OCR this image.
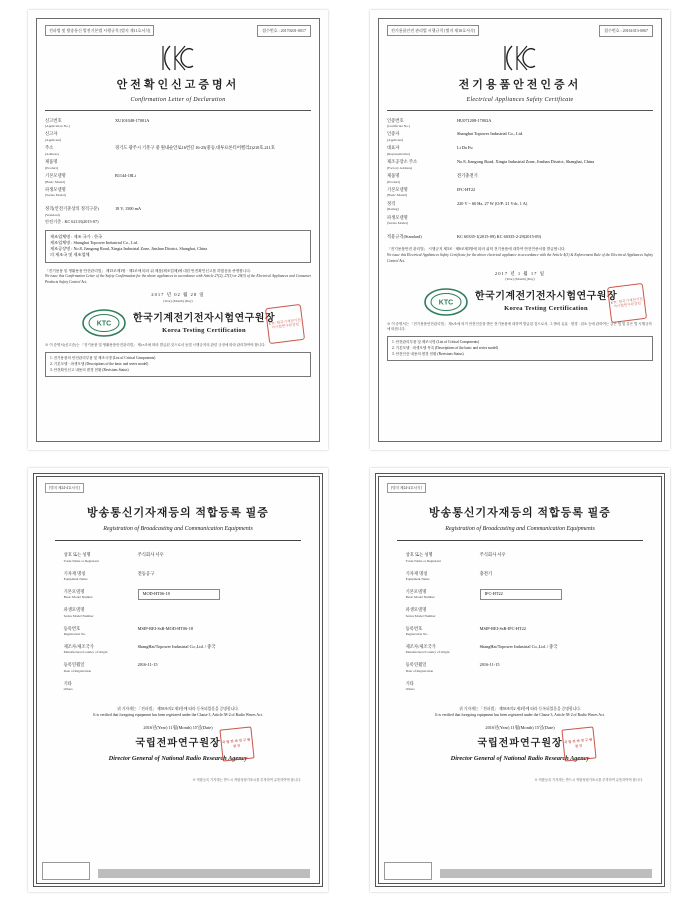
전파법 및 방송통신 발전기본법 시행규칙 [별지 제11호서식]	접수번호 : 20170201-0017
안전확인신고증명서
Confirmation Letter of Declaration
신고번호
(Application No.)	XU101048-17001A
신고자
(Applicant)	

주소
(Address)	경기도 광주시 기흥구 중 원내순안로16번길 16-25(중동,대투프론티어밸리2)210호,211호
제품명
(Product)	

기본모델명
(Basic Model)	B1144-18Li
파생모델명
(Series Model)	

정격(안전기준상의 정격구분)
(Standard)
	18 V, 1500 mA
안전기준 : KC 62133(2015-07)
제조업체명 : 제조 국가 : 한국
제조업체명 : Shanghai Topower Industrial Co., Ltd.
제조공장명 : No.8, Jiangong Road, Xingta Industrial Zone, Jinshan District, Shanghai, China
의 제조국 및 제조업체
「전기용품 및 생활용품 안전관리법」 제15조제1항 · 제3조에 따라 위 제품(제조업체)에 대한 안전확인신고를 하였음을 증명합니다.
We issue this Confirmation Letter of the Safety Confirmation for the above appliances in accordance with Article 27(2), 27(3) or 29(3) of the Electrical Appliances and Consumer Products Safety Control Act.
2017 년 02 월 28 일
(Year) (Month) (Day)
KTC
한국기계전기전자시험연구원장
Korea Testing Certification
KTC 한국기계전기전자시험연구원장인
※ 이 증명서(신고증)는 「전기용품 및 생활용품안전관리법」 제15조에 따라 발급된 것으로서 동법 시행규칙의 관련 규정에 따라 관리하여야 합니다.
1. 전기용품의 안전관리부품 및 제조국명 (List of Critical Components)
2. 기본모델 · 파생모델 (Descriptions of the basic and series model)
3. 안전확인신고 내용의 변경 현황 (Revisions Status)
전기용품안전 관리법 시행규칙 [별지 제10호서식]	접수번호 : 20161013-0067
전기용품안전인증서
Electrical Appliances Safety Certificate
인증번호
(Certificate No.)	HU071208-17002A
인증자
(Applicant)	Shanghai Topower Industrial Co., Ltd.
대표자
(Representative)	Li Da Fu
제조공장소 주소
(Factory Address)	No.8, Jiangong Road, Xingta Industrial Zone, Jinshan District, Shanghai, China
제품명
(Product)	전기충전기
기본모델명
(Basic Model)	IFC-HT22
정격
(Rating)	220 V ~ 60 Hz, 27 W (O/P: 21 Vdc, 1 A)
파생모델명
(Series Model)	

적용규격(Standard)	KC 60335-1(2015-09) KC 60335-2-29(2015-09)
「전기용품안전 관리법」 시행규칙 제3조 · 제6조제3항에 따라 위의 전기용품에 대하여 안전인증서를 발급합니다.
We issue this Electrical Appliances Safety Certificate for the above electrical appliance in accordance with the Article 4(3) & Enforcement Rule of the Electrical Appliances Safety Control Act.
2017 년 1 월 17 일
(Year) (Month) (Day)
KTC
한국기계전기전자시험연구원장
Korea Testing Certification
KTC 한국기계전기전자시험연구원장인
※ 이 증명서는 「전기용품안전관리법」 제5조에 의거 안전인증을 받은 전기용품에 대하여 발급된 것으로서, 그 밖의 유효 · 변경 · 취소 등에 관하여는 같은 법 및 같은 법 시행규칙에 따릅니다.
1. 안전관리부품 및 제조국명 (List of Critical Components)
2. 기본모델 · 파생모델 목록 (Descriptions of the basic and series model)
3. 안전인증 내용의 변경 현황 (Revisions Status)
[별지 제24-4호서식]
방송통신기자재등의 적합등록 필증
Registration of Broadcasting and Communication Equipments
상호 또는 성명
Trade Name or Registrant	주식회사 서우
기자재 명칭
Equipment Name	전동공구
기본모델명
Basic Model Number	MOD-HT06-18
파생모델명
Series Model Number	

등록번호
Registration No.	MSIP-REI-SsR-MOD-HT06-18
제조자/제조국가
Manufacturer/Country of Origin	ShangHai/Topower Industrial Co.,Ltd. / 중국
등록연월일
Date of Registration	2016-11-15
기타
Others	

위 기자재는 「전파법」 제58조의2 제3항에 따라 등록되었음을 증명합니다.
It is verified that foregoing equipment has been registered under the Clause 3, Article 58-2 of Radio Waves Act.
2016년(Year) 11월(Month) 15일(Date)
국립전파연구원장 국립전파연구원장인
Director General of National Radio Research Agency
※ 적합등록 기자재는 반드시 적합성평가표시를 부착하여 유통하여야 합니다.
[별지 제24-4호서식]
방송통신기자재등의 적합등록 필증
Registration of Broadcasting and Communication Equipments
상호 또는 성명
Trade Name or Registrant	주식회사 서우
기자재 명칭
Equipment Name	충전기
기본모델명
Basic Model Number	IFC-HT22
파생모델명
Series Model Number	

등록번호
Registration No.	MSIP-REI-SsR-IFC-HT22
제조자/제조국가
Manufacturer/Country of Origin	ShangHai/Topower Industrial Co.,Ltd. / 중국
등록연월일
Date of Registration	2016-11-15
기타
Others	

위 기자재는 「전파법」 제58조의2 제3항에 따라 등록되었음을 증명합니다.
It is verified that foregoing equipment has been registered under the Clause 3, Article 58-2 of Radio Waves Act.
2016년(Year) 11월(Month) 15일(Date)
국립전파연구원장 국립전파연구원장인
Director General of National Radio Research Agency
※ 적합등록 기자재는 반드시 적합성평가표시를 부착하여 유통하여야 합니다.
